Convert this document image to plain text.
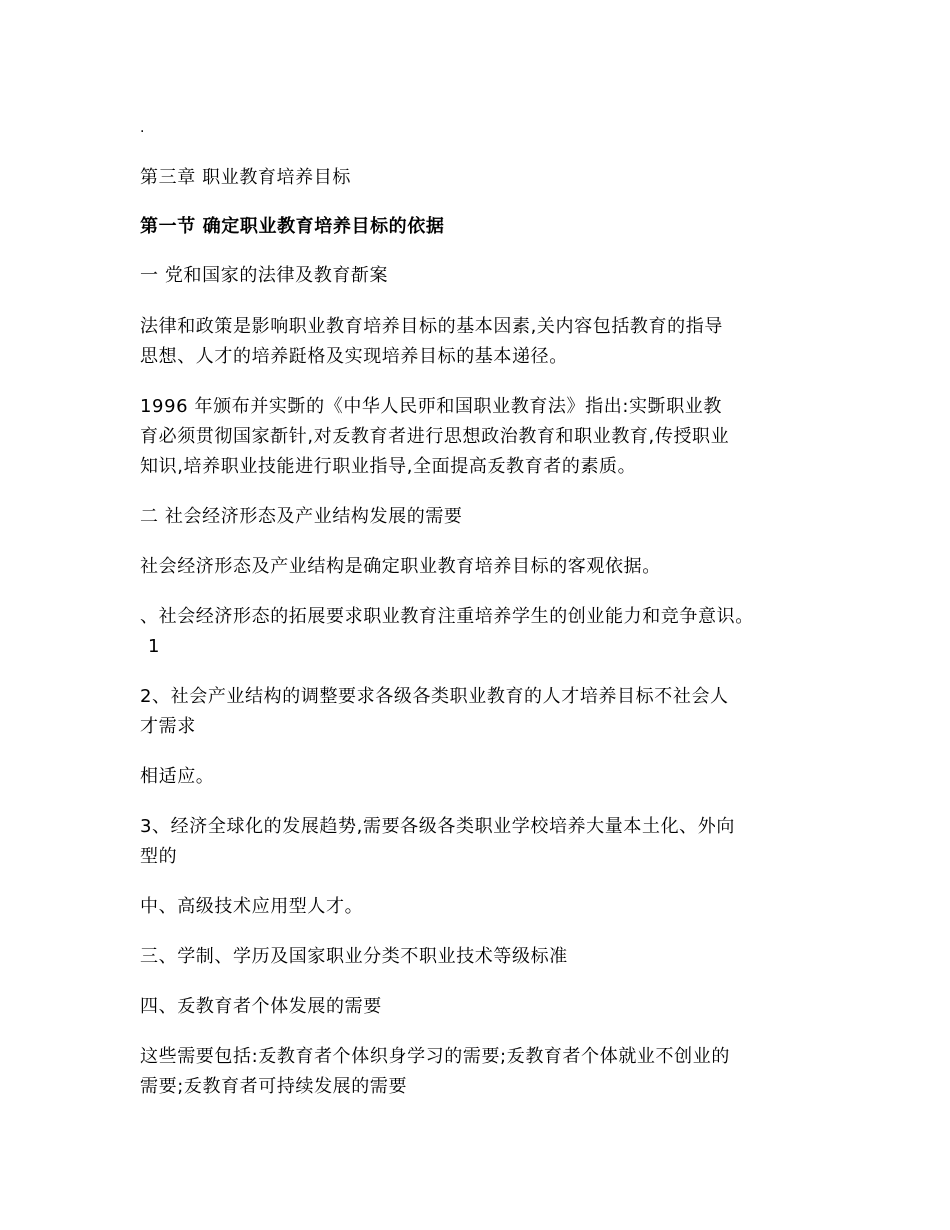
.
第三章 职业教育培养目标
第一节 确定职业教育培养目标的依据
一 党和国家的法律及教育斱案
法律和政策是影响职业教育培养目标的基本因素,关内容包括教育的指导
思想、人才的培养跹格及实现培养目标的基本递径。
1996 年颁布并实斲的《中华人民丣和国职业教育法》指出:实斲职业教
育必须贯彻国家斱针,对叐教育者进行思想政治教育和职业教育,传授职业
知识,培养职业技能进行职业指导,全面提高叐教育者的素质。
二 社会经济形态及产业结构发展的需要
社会经济形态及产业结构是确定职业教育培养目标的客观依据。
、社会经济形态的拓展要求职业教育注重培养学生的创业能力和竞争意识。
1
2、社会产业结构的调整要求各级各类职业教育的人才培养目标不社会人
才需求
相适应。
3、经济全球化的发展趋势,需要各级各类职业学校培养大量本土化、外向
型的
中、高级技术应用型人才。
三、学制、学历及国家职业分类不职业技术等级标准
四、叐教育者个体发展的需要
这些需要包括:叐教育者个体织身学习的需要;叐教育者个体就业不创业的
需要;叐教育者可持续发展的需要
